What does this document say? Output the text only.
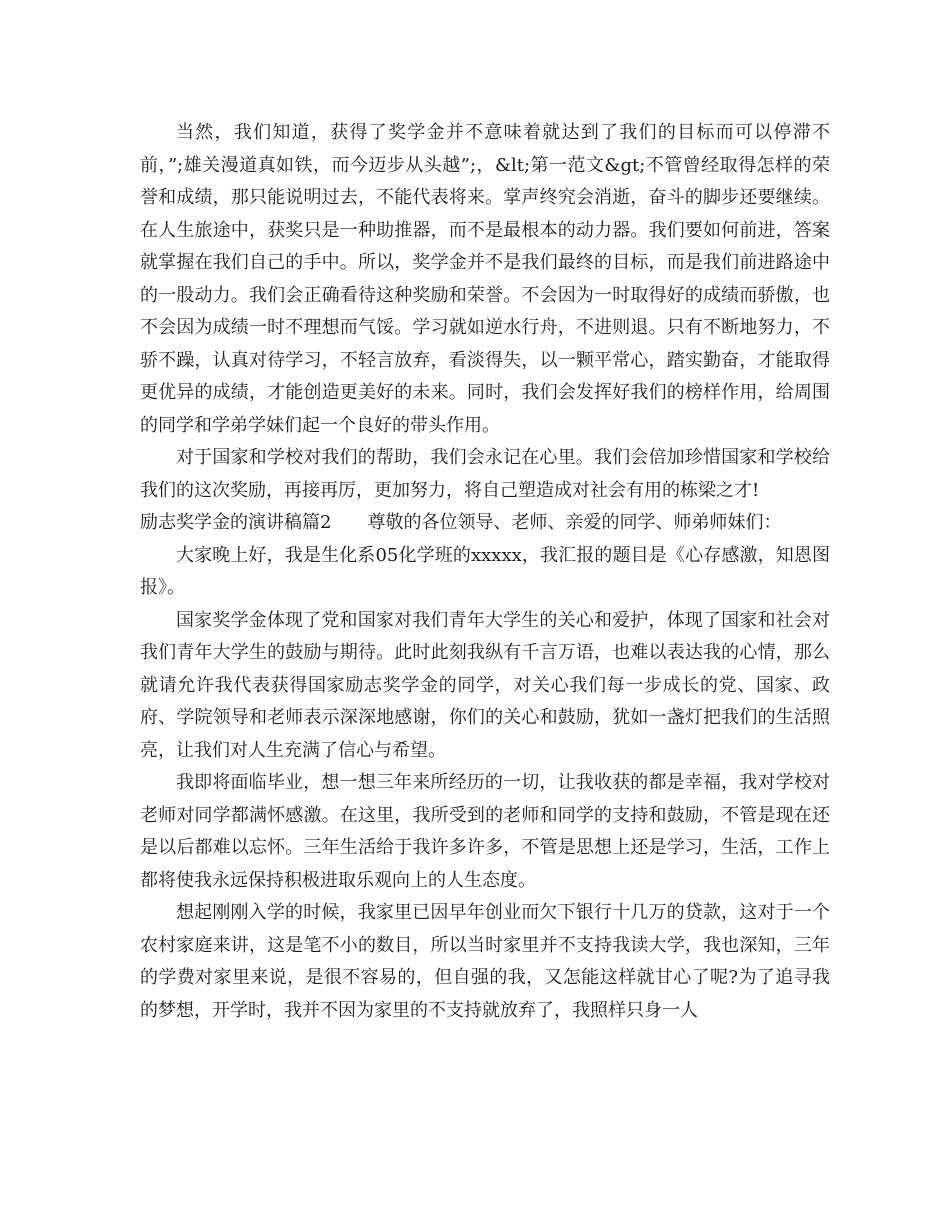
当然，我们知道，获得了奖学金并不意味着就达到了我们的目标而可以停滞不前，”;雄关漫道真如铁，而今迈步从头越”;，&lt;第一范文&gt;不管曾经取得怎样的荣誉和成绩，那只能说明过去，不能代表将来。掌声终究会消逝，奋斗的脚步还要继续。在人生旅途中，获奖只是一种助推器，而不是最根本的动力器。我们要如何前进，答案就掌握在我们自己的手中。所以，奖学金并不是我们最终的目标，而是我们前进路途中的一股动力。我们会正确看待这种奖励和荣誉。不会因为一时取得好的成绩而骄傲，也不会因为成绩一时不理想而气馁。学习就如逆水行舟，不进则退。只有不断地努力，不骄不躁，认真对待学习，不轻言放弃，看淡得失，以一颗平常心，踏实勤奋，才能取得更优异的成绩，才能创造更美好的未来。同时，我们会发挥好我们的榜样作用，给周围的同学和学弟学妹们起一个良好的带头作用。

对于国家和学校对我们的帮助，我们会永记在心里。我们会倍加珍惜国家和学校给我们的这次奖励，再接再厉，更加努力，将自己塑造成对社会有用的栋梁之才!

励志奖学金的演讲稿篇2 尊敬的各位领导、老师、亲爱的同学、师弟师妹们：

大家晚上好，我是生化系05化学班的xxxxx，我汇报的题目是《心存感激，知恩图报》。

国家奖学金体现了党和国家对我们青年大学生的关心和爱护，体现了国家和社会对我们青年大学生的鼓励与期待。此时此刻我纵有千言万语，也难以表达我的心情，那么就请允许我代表获得国家励志奖学金的同学，对关心我们每一步成长的党、国家、政府、学院领导和老师表示深深地感谢，你们的关心和鼓励，犹如一盏灯把我们的生活照亮，让我们对人生充满了信心与希望。

我即将面临毕业，想一想三年来所经历的一切，让我收获的都是幸福，我对学校对老师对同学都满怀感激。在这里，我所受到的老师和同学的支持和鼓励，不管是现在还是以后都难以忘怀。三年生活给于我许多许多，不管是思想上还是学习，生活，工作上都将使我永远保持积极进取乐观向上的人生态度。

想起刚刚入学的时候，我家里已因早年创业而欠下银行十几万的贷款，这对于一个农村家庭来讲，这是笔不小的数目，所以当时家里并不支持我读大学，我也深知，三年的学费对家里来说，是很不容易的，但自强的我，又怎能这样就甘心了呢?为了追寻我的梦想，开学时，我并不因为家里的不支持就放弃了，我照样只身一人
